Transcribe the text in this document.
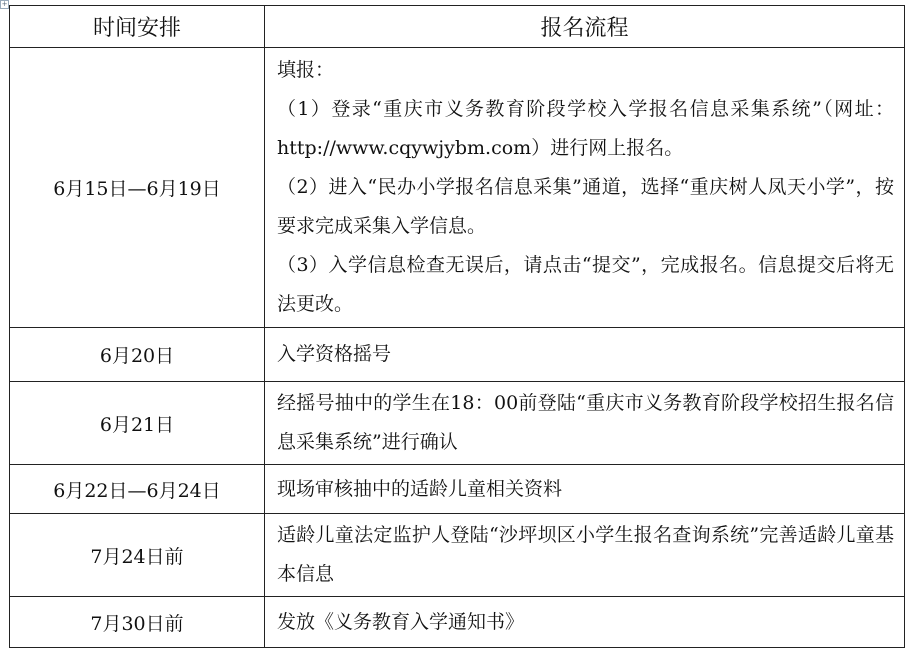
+
时间安排	报名流程
6月15日—6月19日	填报：

（1）登录“重庆市义务教育阶段学校入学报名信息采集系统”（网址：http://www.cqywjybm.com）进行网上报名。

（2）进入“民办小学报名信息采集”通道，选择“重庆树人凤天小学”，按要求完成采集入学信息。

（3）入学信息检查无误后，请点击“提交”，完成报名。信息提交后将无法更改。

6月20日	入学资格摇号
6月21日	经摇号抽中的学生在18：00前登陆“重庆市义务教育阶段学校招生报名信息采集系统”进行确认
6月22日—6月24日	现场审核抽中的适龄儿童相关资料
7月24日前	适龄儿童法定监护人登陆“沙坪坝区小学生报名查询系统”完善适龄儿童基本信息
7月30日前	发放《义务教育入学通知书》
